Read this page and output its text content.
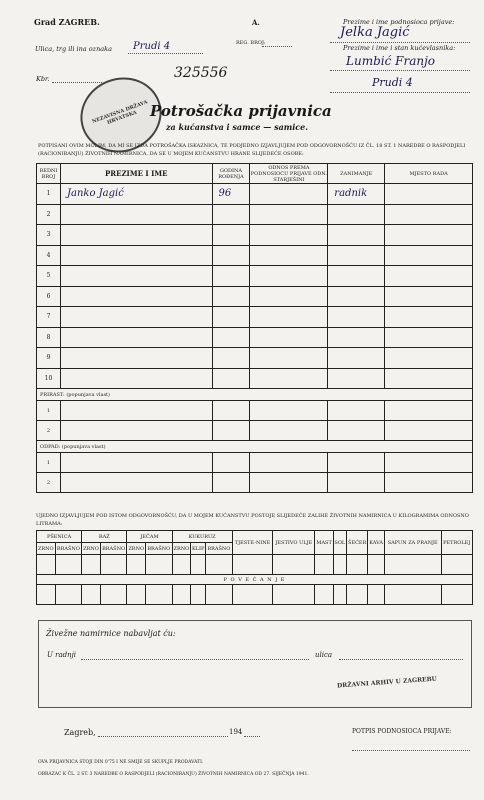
Grad ZAGREB.	A.
REG. BROJ:
Ulica, trg ili ina oznaka Prudi 4
Kbr.	325556
Prezime i ime podnosioca prijave:
Jelka Jagić
Prezime i ime i stan kućevlasnika:
Lumbić Franjo
Prudi 4
NEZAVISNA DRŽAVA HRVATSKA Potrošačka prijavnica
za kućanstva i samce — samice.
POTPISANI OVIM MOLIM, DA MI SE IZDA POTROŠAČKA ISKAZNICA, TE PODJEDNO IZJAVLJUJEM POD ODGOVORNOŠĆU IZ ČL. 18 ST. 1 NAREDBE O RASPODJELI (RACIONIRANJU) ŽIVOTNIH NAMIRNICA, DA SE U MOJEM KUĆANSTVU HRANE SLIJEDEĆE OSOBE:
REDNI BROJ	PREZIME I IME	GODINA ROĐENJA	ODNOS PREMA PODNOSIOCU PRIJAVE ODN. STARJEŠINI	ZANIMANJE	MJESTO RADA
1	Janko Jagić	96		radnik	
2					
3					
4					
5					
6					
7					
8					
9					
10					
PRIRAST: (popunjava vlast)					
1					
2					
ODPAD: (popunjava vlast)					
1					
2					
UJEDNO IZJAVLJUJEM POD ISTOM ODGOVORNOŠĆU, DA U MOJEM KUĆANSTVU POSTOJE SLIJEDEĆE ZALIHE ŽIVOTNIH NAMIRNICA U KILOGRAMIMA ODNOSNO LITRAMA:
PŠENICA		RAŽ		JEČAM		KUKURUZ			TJESTE-NINE	JESTIVO ULJE	MAST	SOL	ŠEĆER	KAVA	SAPUN ZA PRANJE	PETROLEJ
ZRNO	BRAŠNO	ZRNO	BRAŠNO	ZRNO	BRAŠNO	ZRNO	KLIP	BRAŠNO								

P O V E Ć A N J E																

Živežne namirnice nabavljat ću:
U radnji	ulica
DRŽAVNI ARHIV U ZAGREBU
Zagreb,	194	POTPIS PODNOSIOCA PRIJAVE:
OVA PRIJAVNICA STOJI DIN 0'75 I NE SMIJE SE SKUPLJE PRODAVATI.
OBRAZAC K ČL. 2 ST. 3 NAREDBE O RASPODJELI (RACIONIRANJU) ŽIVOTNIH NAMIRNICA OD 27. SIJEČNJA 1941.
